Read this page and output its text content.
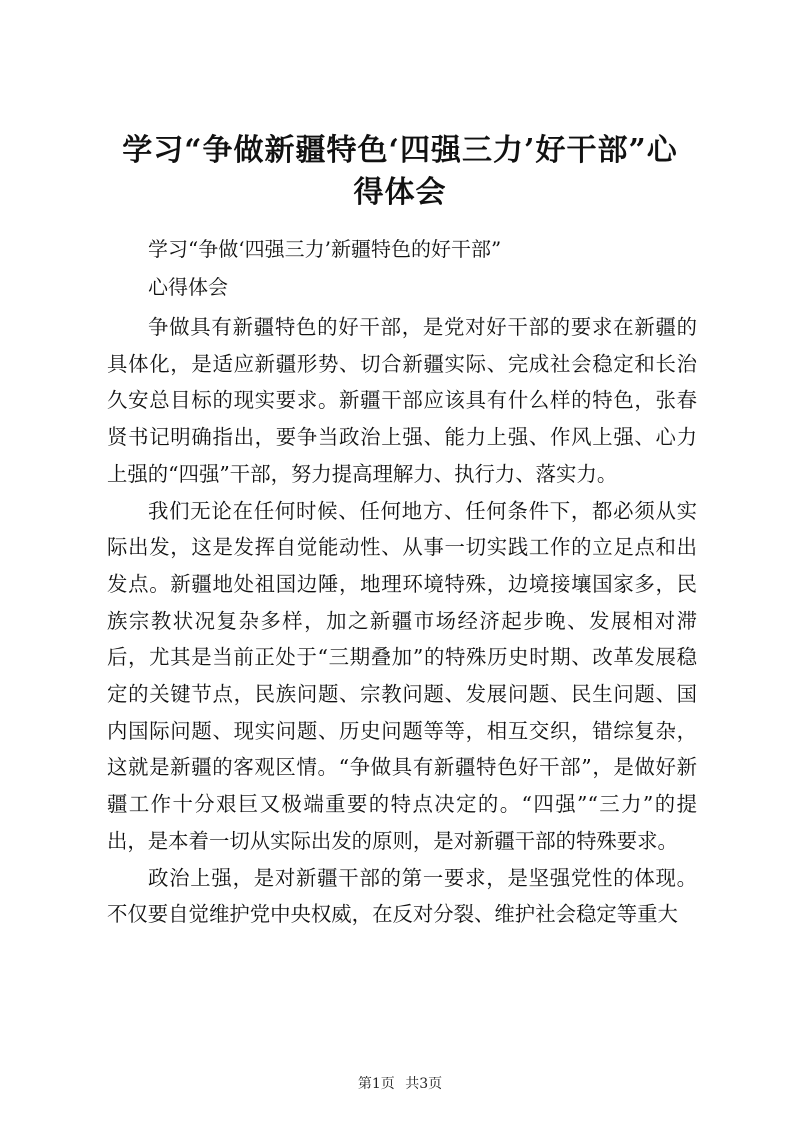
学习“争做新疆特色‘四强三力’好干部”心
得体会
学习“争做‘四强三力’新疆特色的好干部”
心得体会

争做具有新疆特色的好干部，是党对好干部的要求在新疆的具体化，是适应新疆形势、切合新疆实际、完成社会稳定和长治久安总目标的现实要求。新疆干部应该具有什么样的特色，张春贤书记明确指出，要争当政治上强、能力上强、作风上强、心力上强的“四强”干部，努力提高理解力、执行力、落实力。

我们无论在任何时候、任何地方、任何条件下，都必须从实际出发，这是发挥自觉能动性、从事一切实践工作的立足点和出发点。新疆地处祖国边陲，地理环境特殊，边境接壤国家多，民族宗教状况复杂多样，加之新疆市场经济起步晚、发展相对滞后，尤其是当前正处于“三期叠加”的特殊历史时期、改革发展稳定的关键节点，民族问题、宗教问题、发展问题、民生问题、国内国际问题、现实问题、历史问题等等，相互交织，错综复杂，这就是新疆的客观区情。“争做具有新疆特色好干部”，是做好新疆工作十分艰巨又极端重要的特点决定的。“四强”“三力”的提出，是本着一切从实际出发的原则，是对新疆干部的特殊要求。

政治上强，是对新疆干部的第一要求，是坚强党性的体现。不仅要自觉维护党中央权威，在反对分裂、维护社会稳定等重大

第1页 共3页
